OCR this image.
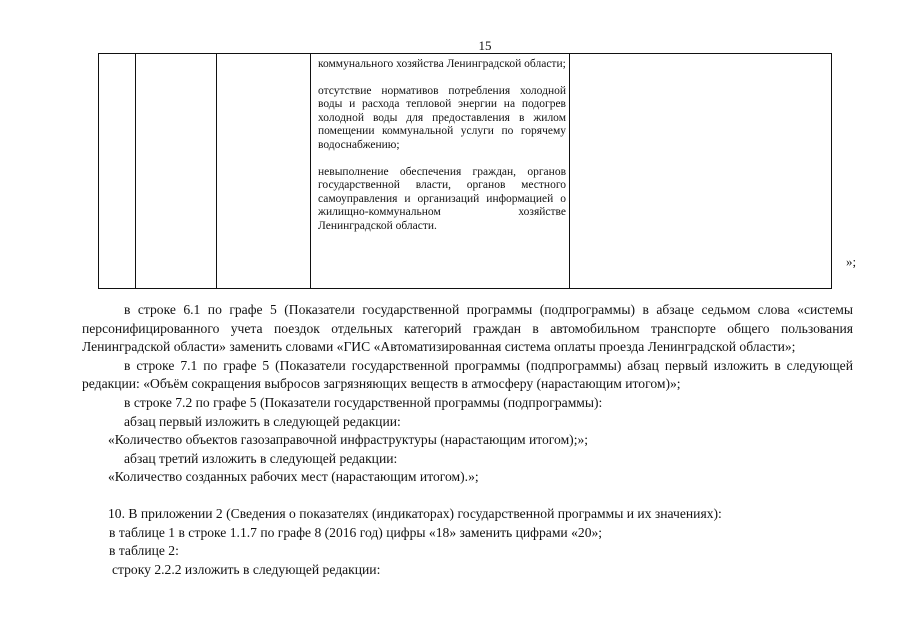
15

коммунального хозяйства Ленинградской области;

отсутствие нормативов потребления холодной воды и расхода тепловой энергии на подогрев холодной воды для предоставления в жилом помещении коммунальной услуги по горячему водоснабжению;

невыполнение обеспечения граждан, органов государственной власти, органов местного самоуправления и организаций информацией о жилищно-коммунальном хозяйстве Ленинградской области.

»;

в строке 6.1 по графе 5 (Показатели государственной программы (подпрограммы) в абзаце седьмом слова «системы персонифицированного учета поездок отдельных категорий граждан в автомобильном транспорте общего пользования Ленинградской области» заменить словами «ГИС «Автоматизированная система оплаты проезда Ленинградской области»;

в строке 7.1 по графе 5 (Показатели государственной программы (подпрограммы) абзац первый изложить в следующей редакции: «Объём сокращения выбросов загрязняющих веществ в атмосферу (нарастающим итогом)»;

в строке 7.2 по графе 5 (Показатели государственной программы (подпрограммы):

абзац первый изложить в следующей редакции:

«Количество объектов газозаправочной инфраструктуры (нарастающим итогом);»;

абзац третий изложить в следующей редакции:

«Количество созданных рабочих мест (нарастающим итогом).»;

10. В приложении 2 (Сведения о показателях (индикаторах) государственной программы и их значениях):

в таблице 1 в строке 1.1.7 по графе 8 (2016 год) цифры «18» заменить цифрами «20»;

в таблице 2:

строку 2.2.2 изложить в следующей редакции:
